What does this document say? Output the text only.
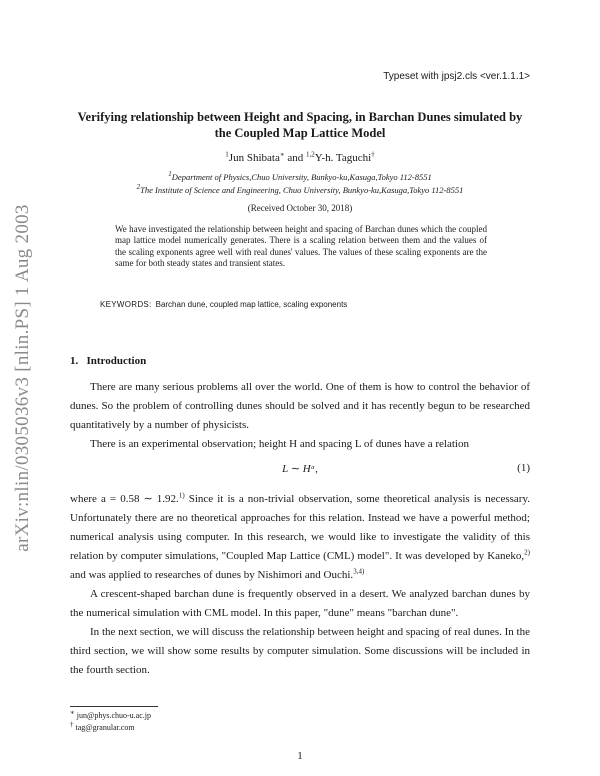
arXiv:nlin/0305036v3 [nlin.PS] 1 Aug 2003
Typeset with jpsj2.cls <ver.1.1.1>
Verifying relationship between Height and Spacing, in Barchan Dunes simulated by the Coupled Map Lattice Model
$^1$Jun Shibata∗ and $^{1,2}$Y-h. Taguchi†
$^1$Department of Physics,Chuo University, Bunkyo-ku,Kasuga,Tokyo 112-8551
$^2$The Institute of Science and Engineering, Chuo University, Bunkyo-ku,Kasuga,Tokyo 112-8551
(Received October 30, 2018)
We have investigated the relationship between height and spacing of Barchan dunes which the coupled map lattice model numerically generates. There is a scaling relation between them and the values of the scaling exponents agree well with real dunes' values. The values of these scaling exponents are the same for both steady states and transient states.
KEYWORDS: Barchan dune, coupled map lattice, scaling exponents
1.   Introduction
There are many serious problems all over the world. One of them is how to control the behavior of dunes. So the problem of controlling dunes should be solved and it has recently begun to be researched quantitatively by a number of physicists.
There is an experimental observation; height H and spacing L of dunes have a relation
L ∼ Hᵅ,	(1)
where a = 0.58 ∼ 1.92.$^{1)}$ Since it is a non-trivial observation, some theoretical analysis is necessary. Unfortunately there are no theoretical approaches for this relation. Instead we have a powerful method; numerical analysis using computer. In this research, we would like to investigate the validity of this relation by computer simulations, "Coupled Map Lattice (CML) model". It was developed by Kaneko,$^{2)}$ and was applied to researches of dunes by Nishimori and Ouchi.$^{3,4)}$
A crescent-shaped barchan dune is frequently observed in a desert. We analyzed barchan dunes by the numerical simulation with CML model. In this paper, "dune" means "barchan dune".
In the next section, we will discuss the relationship between height and spacing of real dunes. In the third section, we will show some results by computer simulation. Some discussions will be included in the fourth section.
∗ jun@phys.chuo-u.ac.jp
† tag@granular.com
1
